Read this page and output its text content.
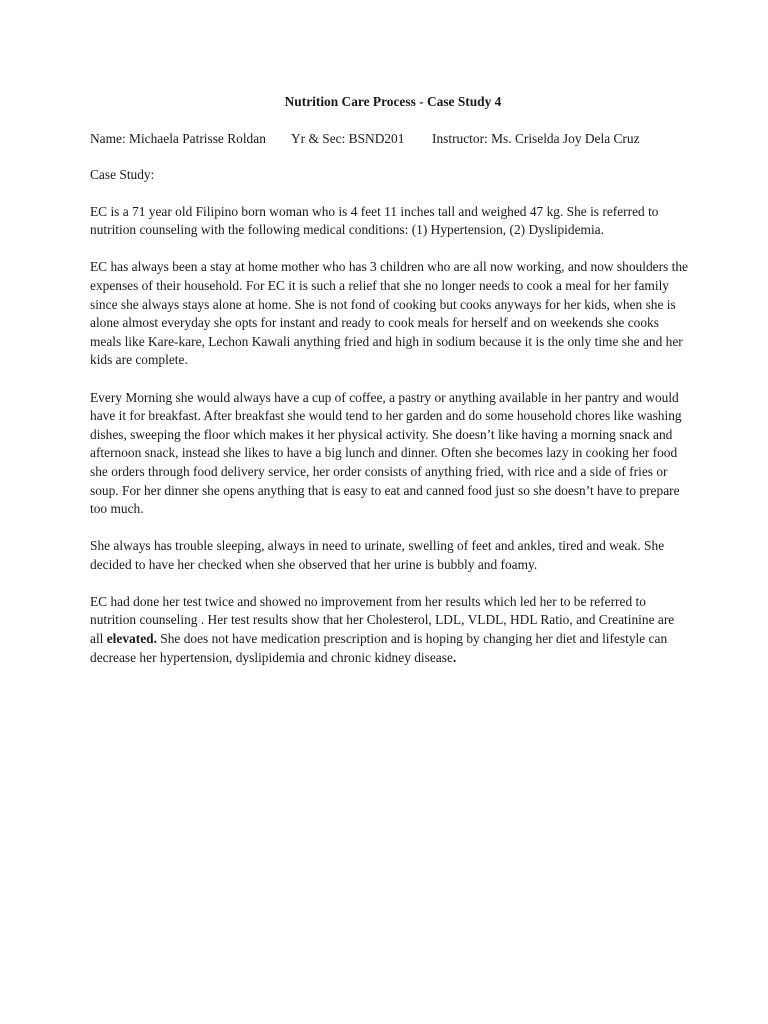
Nutrition Care Process - Case Study 4
Name: Michaela Patrisse Roldan	Yr & Sec: BSND201	Instructor: Ms. Criselda Joy Dela Cruz
Case Study:

EC is a 71 year old Filipino born woman who is 4 feet 11 inches tall and weighed 47 kg. She is referred to nutrition counseling with the following medical conditions: (1) Hypertension, (2) Dyslipidemia.

EC has always been a stay at home mother who has 3 children who are all now working, and now shoulders the expenses of their household. For EC it is such a relief that she no longer needs to cook a meal for her family since she always stays alone at home. She is not fond of cooking but cooks anyways for her kids, when she is alone almost everyday she opts for instant and ready to cook meals for herself and on weekends she cooks meals like Kare-kare, Lechon Kawali anything fried and high in sodium because it is the only time she and her kids are complete.

Every Morning she would always have a cup of coffee, a pastry or anything available in her pantry and would have it for breakfast. After breakfast she would tend to her garden and do some household chores like washing dishes, sweeping the floor which makes it her physical activity. She doesn’t like having a morning snack and afternoon snack, instead she likes to have a big lunch and dinner. Often she becomes lazy in cooking her food she orders through food delivery service, her order consists of anything fried, with rice and a side of fries or soup. For her dinner she opens anything that is easy to eat and canned food just so she doesn’t have to prepare too much.

She always has trouble sleeping, always in need to urinate, swelling of feet and ankles, tired and weak. She decided to have her checked when she observed that her urine is bubbly and foamy.

EC had done her test twice and showed no improvement from her results which led her to be referred to nutrition counseling . Her test results show that her Cholesterol, LDL, VLDL, HDL Ratio, and Creatinine are all elevated. She does not have medication prescription and is hoping by changing her diet and lifestyle can decrease her hypertension, dyslipidemia and chronic kidney disease.
